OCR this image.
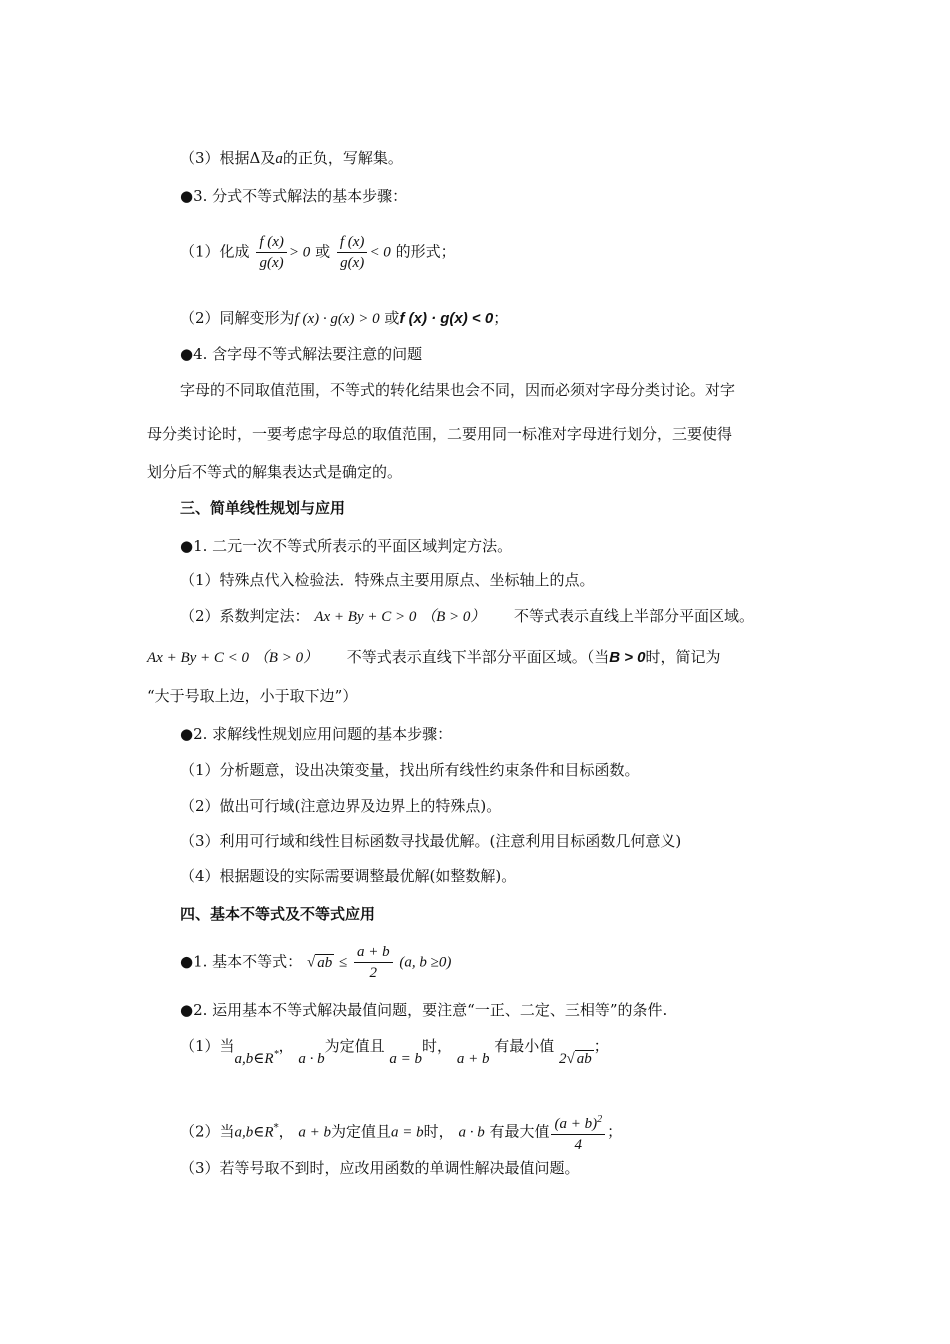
（3）根据Δ及a的正负，写解集。
●3. 分式不等式解法的基本步骤：
（1）化成 $\frac{f (x)}{g(x)} > 0$ 或 $\frac{f (x)}{g(x)} < 0$ 的形式；
（2）同解变形为f (x) · g(x) > 0 或f (x) · g(x) < 0；
●4. 含字母不等式解法要注意的问题
字母的不同取值范围，不等式的转化结果也会不同，因而必须对字母分类讨论。对字
母分类讨论时，一要考虑字母总的取值范围，二要用同一标准对字母进行划分，三要使得
划分后不等式的解集表达式是确定的。
三、简单线性规划与应用
●1. 二元一次不等式所表示的平面区域判定方法。
（1）特殊点代入检验法．特殊点主要用原点、坐标轴上的点。
（2）系数判定法： Ax + By + C > 0 （B > 0） 不等式表示直线上半部分平面区域。
Ax + By + C < 0 （B > 0） 不等式表示直线下半部分平面区域。（当B > 0时，简记为
“大于号取上边，小于取下边”）
●2. 求解线性规划应用问题的基本步骤：
（1）分析题意，设出决策变量，找出所有线性约束条件和目标函数。
（2）做出可行域(注意边界及边界上的特殊点)。
（3）利用可行域和线性目标函数寻找最优解。(注意利用目标函数几何意义)
（4）根据题设的实际需要调整最优解(如整数解)。
四、基本不等式及不等式应用
●1. 基本不等式： √ ab ≤ $\frac{a + b}{2} (a$, b ≥0)
●2. 运用基本不等式解决最值问题，要注意“一正、二定、三相等”的条件.
（1）当a,b∈R*， a · b为定值且 a = b时， a + b 有最小值 2√ ab；
（2）当a,b∈R*， a + b为定值且a = b时， a · b 有最大值 $\frac{(a + b)^2}{4}$ ；
（3）若等号取不到时，应改用函数的单调性解决最值问题。
